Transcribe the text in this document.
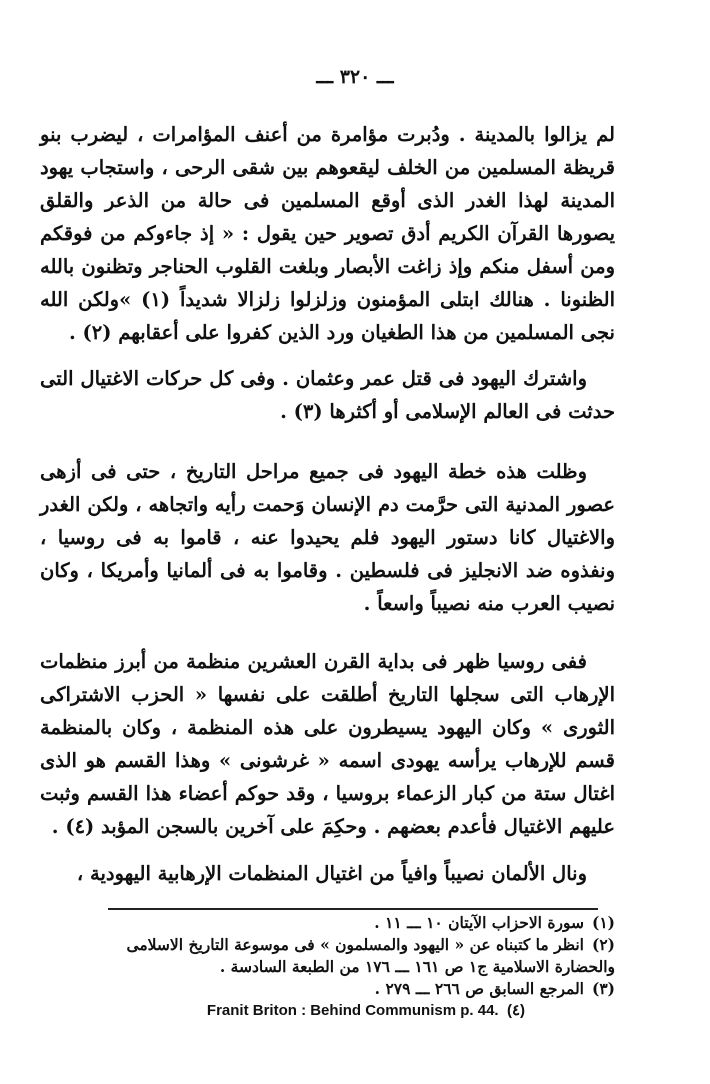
ـــ ٣٢٠ ـــ

لم يزالوا بالمدينة . ودُبرت مؤامرة من أعنف المؤامرات ، ليضرب بنو قريظة المسلمين من الخلف ليقعوهم بين شقى الرحى ، واستجاب يهود المدينة لهذا الغدر الذى أوقع المسلمين فى حالة من الذعر والقلق يصورها القرآن الكريم أدق تصوير حين يقول : « إذ جاءوكم من فوقكم ومن أسفل منكم وإذ زاغت الأبصار وبلغت القلوب الحناجر وتظنون بالله الظنونا . هنالك ابتلى المؤمنون وزلزلوا زلزالا شديداً (١) »ولكن الله نجى المسلمين من هذا الطغيان ورد الذين كفروا على أعقابهم (٢) .

واشترك اليهود فى قتل عمر وعثمان . وفى كل حركات الاغتيال التى حدثت فى العالم الإسلامى أو أكثرها (٣) .

وظلت هذه خطة اليهود فى جميع مراحل التاريخ ، حتى فى أزهى عصور المدنية التى حرَّمت دم الإنسان وَحمت رأيه واتجاهه ، ولكن الغدر والاغتيال كانا دستور اليهود فلم يحيدوا عنه ، قاموا به فى روسيا ، ونفذوه ضد الانجليز فى فلسطين . وقاموا به فى ألمانيا وأمريكا ، وكان نصيب العرب منه نصيباً واسعاً .

ففى روسيا ظهر فى بداية القرن العشرين منظمة من أبرز منظمات الإرهاب التى سجلها التاريخ أطلقت على نفسها « الحزب الاشتراكى الثورى » وكان اليهود يسيطرون على هذه المنظمة ، وكان بالمنظمة قسم للإرهاب يرأسه يهودى اسمه « غرشونى » وهذا القسم هو الذى اغتال ستة من كبار الزعماء بروسيا ، وقد حوكم أعضاء هذا القسم وثبت عليهم الاغتيال فأعدم بعضهم . وحكِمَ على آخرين بالسجن المؤبد (٤) .

ونال الألمان نصيباً وافياً من اغتيال المنظمات الإرهابية اليهودية ،

(١)سورة الاحزاب الآيتان ١٠ ـــ ١١ .

(٢)انظر ما كتبناه عن « اليهود والمسلمون » فى موسوعة التاريخ الاسلامى

والحضارة الاسلامية ج١ ص ١٦١ ـــ ١٧٦ من الطبعة السادسة .

(٣)المرجع السابق ص ٢٦٦ ـــ ٢٧٩ .

Franit Briton : Behind Communism p. 44. (٤)
